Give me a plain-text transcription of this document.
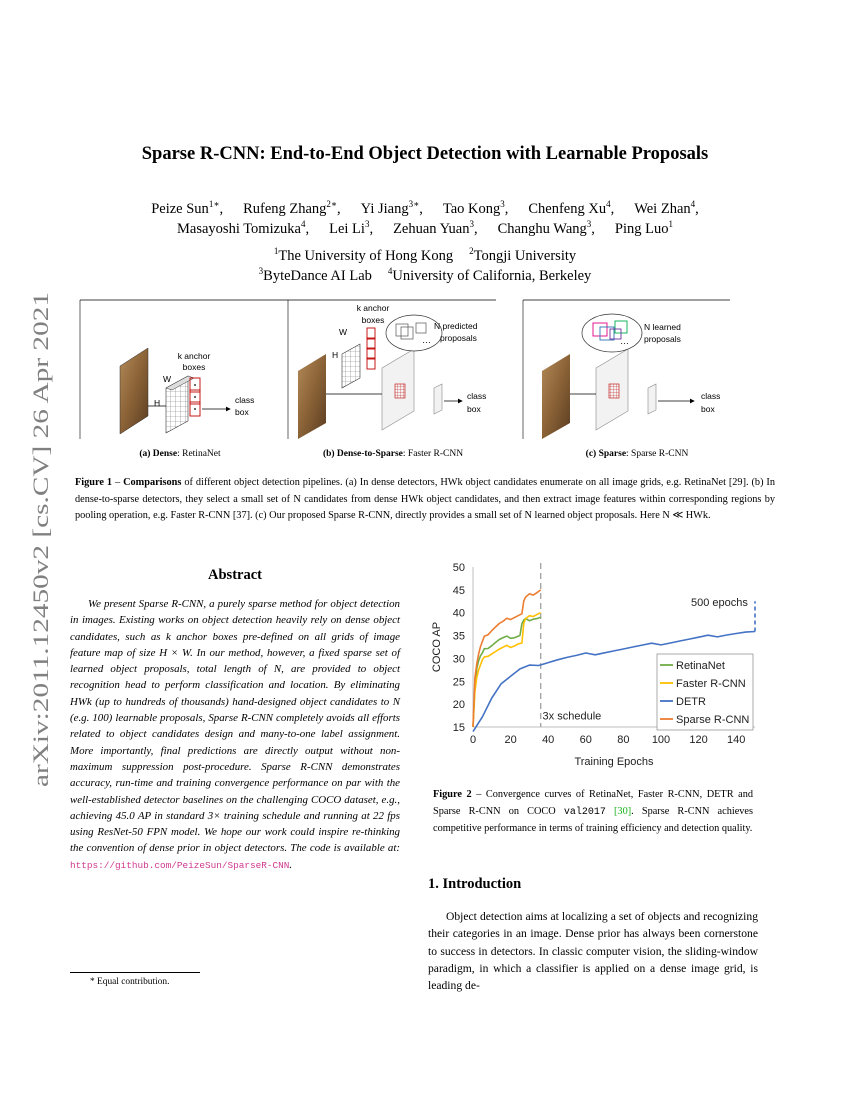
arXiv:2011.12450v2 [cs.CV] 26 Apr 2021
Sparse R-CNN: End-to-End Object Detection with Learnable Proposals
Peize Sun$^{1∗}$, Rufeng Zhang$^{2∗}$, Yi Jiang$^{3∗}$, Tao Kong$^3$, Chenfeng Xu$^4$, Wei Zhan$^4$,
Masayoshi Tomizuka$^4$, Lei Li$^3$, Zehuan Yuan$^3$, Changhu Wang$^3$, Ping Luo$^1$
$^1$The University of Hong Kong $^2$Tongji University
$^3$ByteDance AI Lab $^4$University of California, Berkeley
k anchor
boxes
W
H	class
box
(a) Dense: RetinaNet
k anchor
boxes
W
H
…
N predicted
proposals
class
box
(b) Dense-to-Sparse: Faster R-CNN
…
N learned
proposals
class
box
(c) Sparse: Sparse R-CNN
Figure 1 – Comparisons of different object detection pipelines. (a) In dense detectors, HWk object candidates enumerate on all image grids, e.g. RetinaNet [29]. (b) In dense-to-sparse detectors, they select a small set of N candidates from dense HWk object candidates, and then extract image features within corresponding regions by pooling operation, e.g. Faster R-CNN [37]. (c) Our proposed Sparse R-CNN, directly provides a small set of N learned object proposals. Here N ≪ HWk.
Abstract
We present Sparse R-CNN, a purely sparse method for object detection in images. Existing works on object detection heavily rely on dense object candidates, such as k anchor boxes pre-defined on all grids of image feature map of size H × W. In our method, however, a fixed sparse set of learned object proposals, total length of N, are provided to object recognition head to perform classification and location. By eliminating HWk (up to hundreds of thousands) hand-designed object candidates to N (e.g. 100) learnable proposals, Sparse R-CNN completely avoids all efforts related to object candidates design and many-to-one label assignment. More importantly, final predictions are directly output without non-maximum suppression post-procedure. Sparse R-CNN demonstrates accuracy, run-time and training convergence performance on par with the well-established detector baselines on the challenging COCO dataset, e.g., achieving 45.0 AP in standard 3× training schedule and running at 22 fps using ResNet-50 FPN model. We hope our work could inspire re-thinking the convention of dense prior in object detectors. The code is available at: https://github.com/PeizeSun/SparseR-CNN.
15
20
25
30
35
40
45
50
0	20 40 60 80 100 120 140
Training Epochs
COCO AP	RetinaNet
Faster R-CNN
DETR
Sparse R-CNN
3x schedule
500 epochs
Figure 2 – Convergence curves of RetinaNet, Faster R-CNN, DETR and Sparse R-CNN on COCO val2017 [30]. Sparse R-CNN achieves competitive performance in terms of training efficiency and detection quality.
1. Introduction
Object detection aims at localizing a set of objects and recognizing their categories in an image. Dense prior has always been cornerstone to success in detectors. In classic computer vision, the sliding-window paradigm, in which a classifier is applied on a dense image grid, is leading de-
* Equal contribution.
